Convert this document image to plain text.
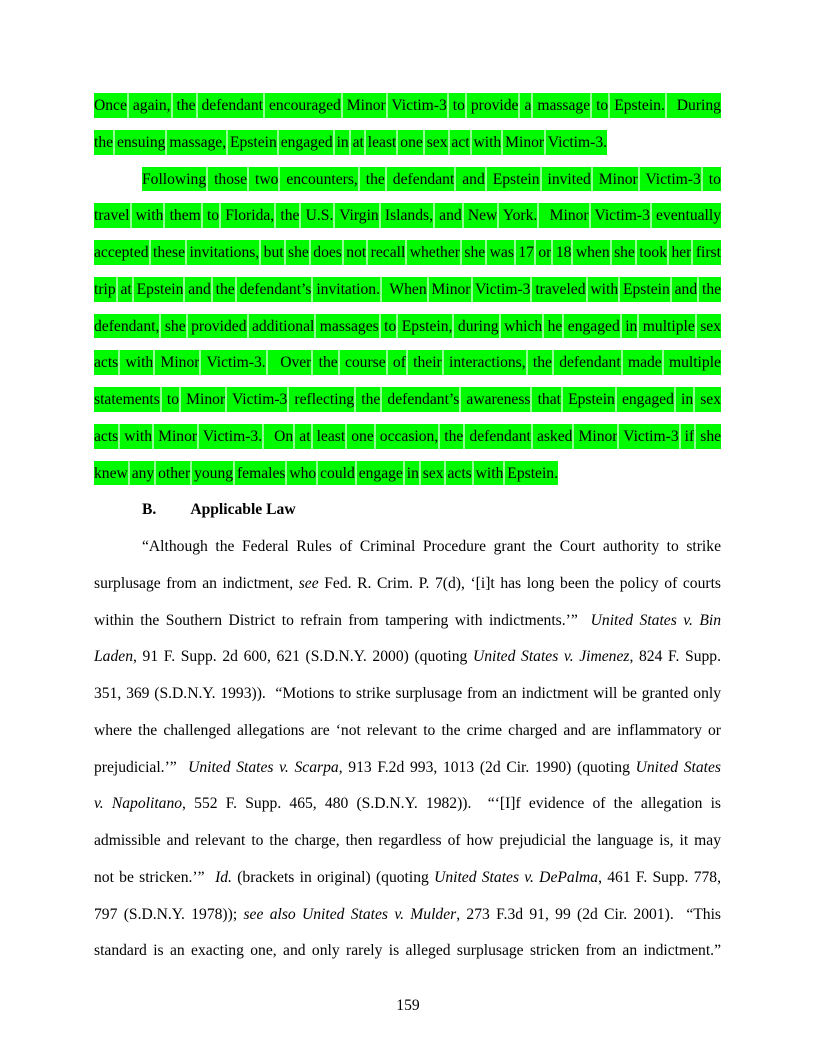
Once again, the defendant encouraged Minor Victim-3 to provide a massage to Epstein. During
the ensuing massage, Epstein engaged in at least one sex act with Minor Victim-3.
Following those two encounters, the defendant and Epstein invited Minor Victim-3 to
travel with them to Florida, the U.S. Virgin Islands, and New York. Minor Victim-3 eventually
accepted these invitations, but she does not recall whether she was 17 or 18 when she took her first
trip at Epstein and the defendant’s invitation. When Minor Victim-3 traveled with Epstein and the
defendant, she provided additional massages to Epstein, during which he engaged in multiple sex
acts with Minor Victim-3. Over the course of their interactions, the defendant made multiple
statements to Minor Victim-3 reflecting the defendant’s awareness that Epstein engaged in sex
acts with Minor Victim-3. On at least one occasion, the defendant asked Minor Victim-3 if she
knew any other young females who could engage in sex acts with Epstein.
B. Applicable Law
“Although the Federal Rules of Criminal Procedure grant the Court authority to strike
surplusage from an indictment, see Fed. R. Crim. P. 7(d), ‘[i]t has long been the policy of courts
within the Southern District to refrain from tampering with indictments.’”  United States v. Bin
Laden, 91 F. Supp. 2d 600, 621 (S.D.N.Y. 2000) (quoting United States v. Jimenez, 824 F. Supp.
351, 369 (S.D.N.Y. 1993)).  “Motions to strike surplusage from an indictment will be granted only
where the challenged allegations are ‘not relevant to the crime charged and are inflammatory or
prejudicial.’”  United States v. Scarpa, 913 F.2d 993, 1013 (2d Cir. 1990) (quoting United States
v. Napolitano, 552 F. Supp. 465, 480 (S.D.N.Y. 1982)).  “‘[I]f evidence of the allegation is
admissible and relevant to the charge, then regardless of how prejudicial the language is, it may
not be stricken.’”  Id. (brackets in original) (quoting United States v. DePalma, 461 F. Supp. 778,
797 (S.D.N.Y. 1978)); see also United States v. Mulder, 273 F.3d 91, 99 (2d Cir. 2001).  “This
standard is an exacting one, and only rarely is alleged surplusage stricken from an indictment.”
159
